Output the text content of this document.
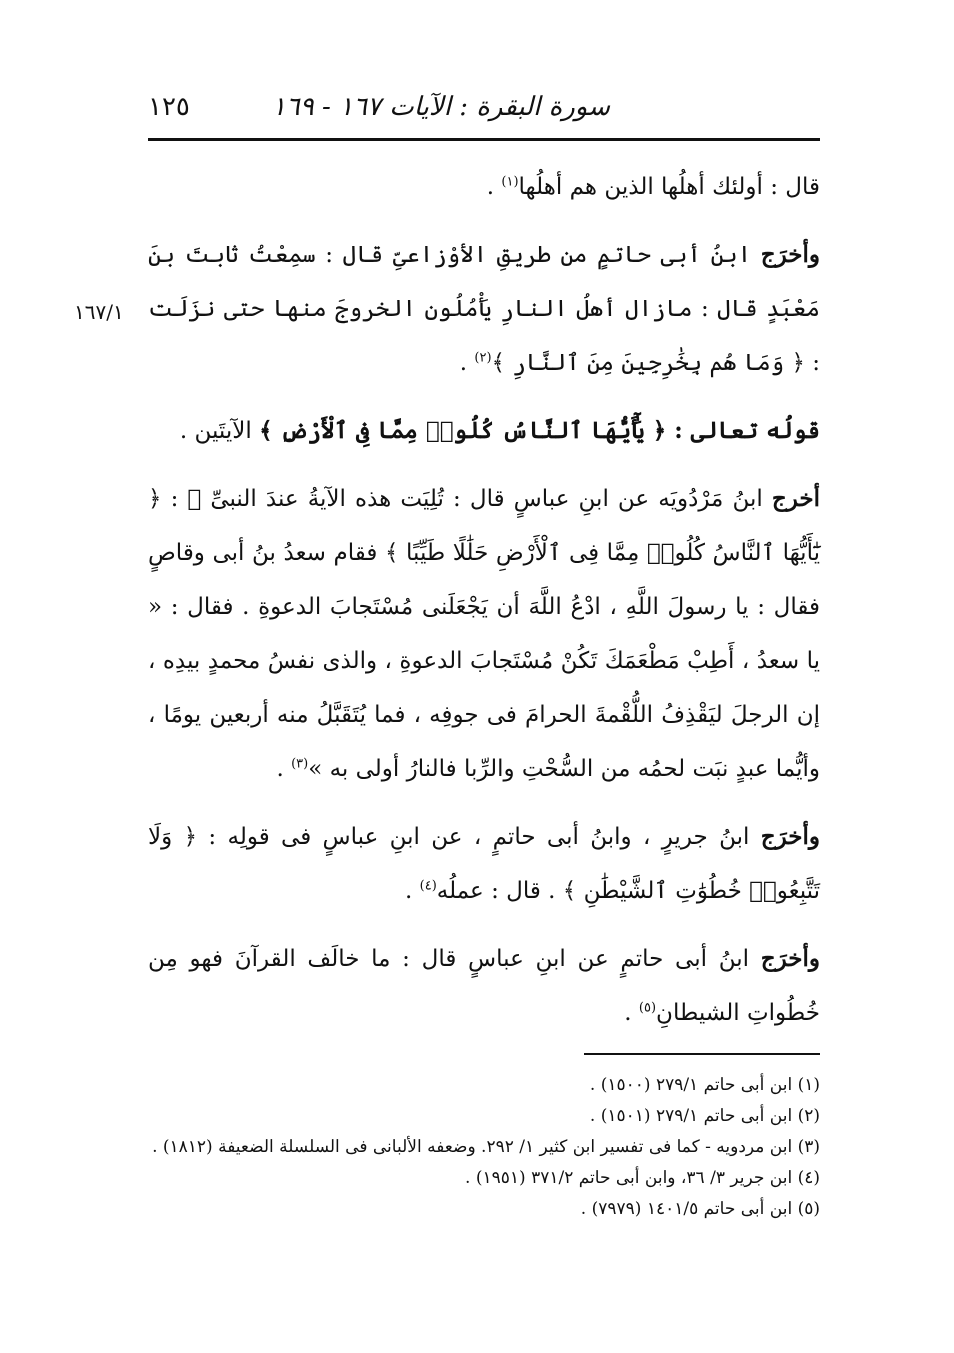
سورة البقرة : الآيات ١٦٧ - ١٦٩
١٢٥
١٦٧/١

قال : أولئك أهلُها الذين هم أهلُها$^{(١)}$ .

وأخرَج ابنُ أبى حاتمٍ من طريقِ الأوْزاعىِّ قال : سمِعْتُ ثابتَ بنَ مَعْبَدٍ قال : مازال أهلُ النارِ يَأْمُلُون الخروجَ منها حتى نزَلَت : ﴿ وَمَا هُم بِخَٰرِجِينَ مِنَ ٱلنَّارِ ﴾$^{(٢)}$ .

قولُه تعالى : ﴿ يَٰٓأَيُّهَا ٱلنَّاسُ كُلُوا۟ مِمَّا فِى ٱلْأَرْضِ ﴾ الآيتَين .

أخرج ابنُ مَرْدُويَه عن ابنِ عباسٍ قال : تُلِيَت هذه الآيةُ عندَ النبىِّ ﷺ : ﴿ يَٰٓأَيُّهَا ٱلنَّاسُ كُلُوا۟ مِمَّا فِى ٱلْأَرْضِ حَلَٰلًا طَيِّبًا ﴾ فقام سعدُ بنُ أبى وقاصٍ فقال : يا رسولَ اللَّهِ ، ادْعُ اللَّهَ أن يَجْعَلَنى مُسْتَجابَ الدعوةِ . فقال : « يا سعدُ ، أَطِبْ مَطْعَمَكَ تَكُنْ مُسْتَجابَ الدعوةِ ، والذى نفسُ محمدٍ بيدِه ، إن الرجلَ ليَقْذِفُ اللُّقْمةَ الحرامَ فى جوفِه ، فما يُتَقَبَّلُ منه أربعين يومًا ، وأيُّما عبدٍ نبَت لحمُه من السُّحْتِ والرِّبا فالنارُ أولى به »$^{(٣)}$ .

وأخرَج ابنُ جريرٍ ، وابنُ أبى حاتمٍ ، عن ابنِ عباسٍ فى قولِه : ﴿ وَلَا تَتَّبِعُوا۟ خُطُوَٰتِ ٱلشَّيْطَٰنِ ﴾ . قال : عملُه$^{(٤)}$ .

وأخرَج ابنُ أبى حاتمٍ عن ابنِ عباسٍ قال : ما خالَف القرآنَ فهو مِن خُطُواتِ الشيطانِ$^{(٥)}$ .

(١) ابن أبى حاتم ٢٧٩/١ (١٥٠٠) .
(٢) ابن أبى حاتم ٢٧٩/١ (١٥٠١) .
(٣) ابن مردويه - كما فى تفسير ابن كثير ١/ ٢٩٢. وضعفه الألبانى فى السلسلة الضعيفة (١٨١٢) .
(٤) ابن جرير ٣/ ٣٦، وابن أبى حاتم ٣٧١/٢ (١٩٥١) .
(٥) ابن أبى حاتم ١٤٠١/٥ (٧٩٧٩) .
